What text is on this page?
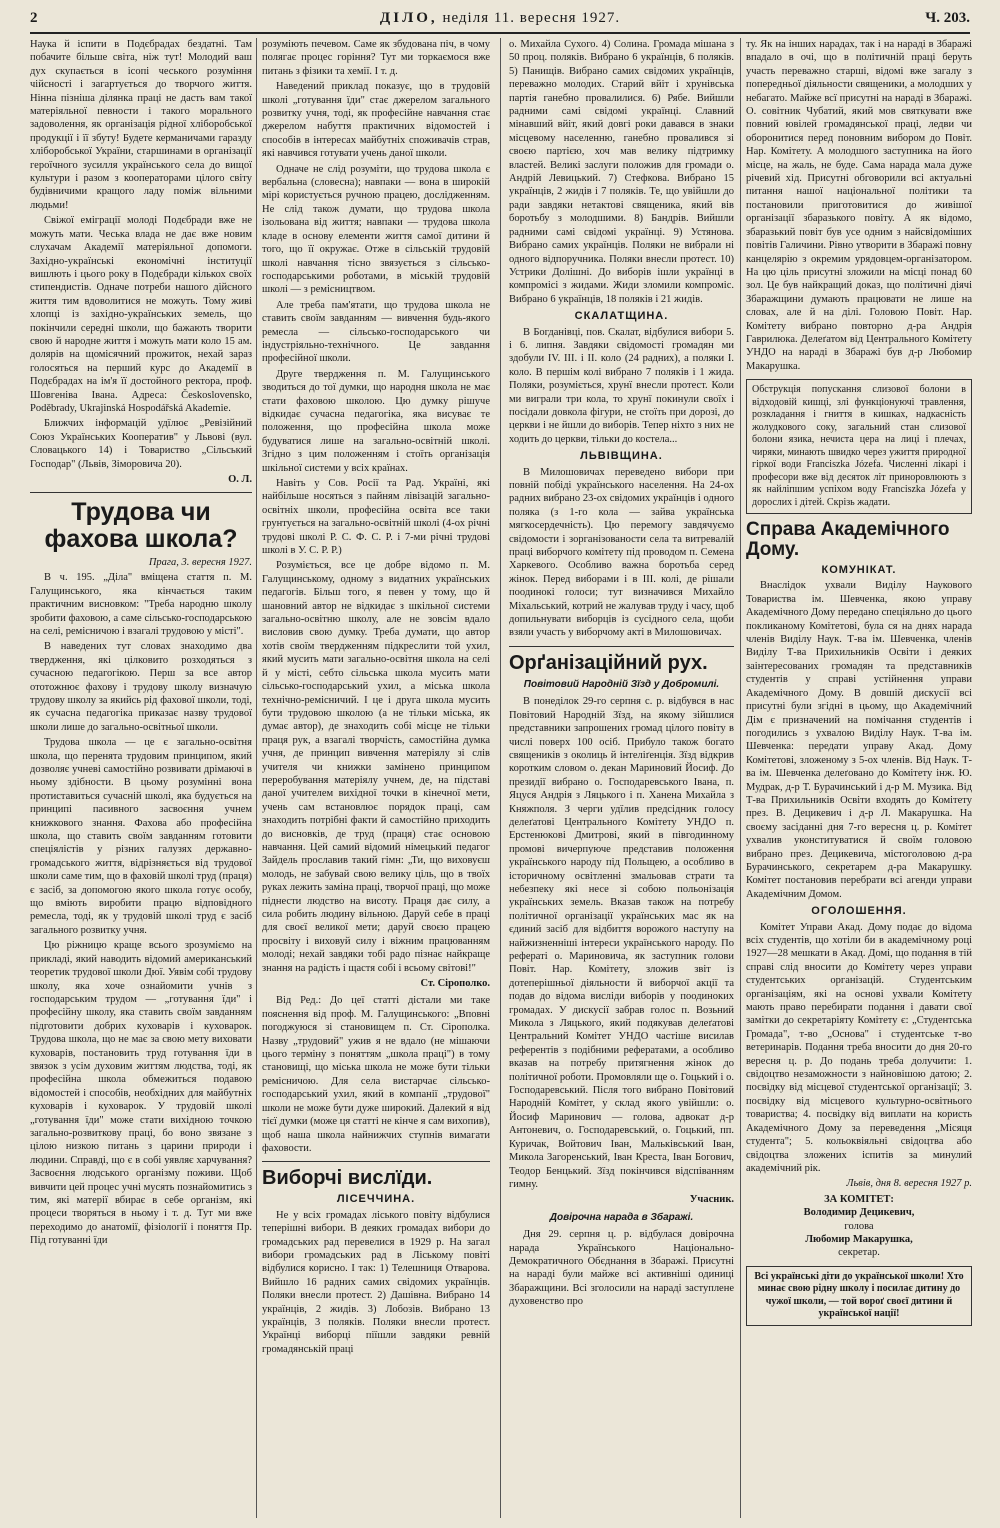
2	ДІЛО, неділя 11. вересня 1927.	Ч. 203.

Наука й іспити в Подєбрадах бездатні. Там побачите більше світа, ніж тут! Молодий ваш дух скупається в ісопі чеського розуміння чійсності і загартується до творчого життя. Нінна пізніша ділянка праці не дасть вам такої матеріяльної певности і такого морального задоволення, як організація рідної хліборобської продукції і її збуту! Будете керманичами гаразду хліборобської України, старшинами в організації героїчного зусилля українського села до вищої культури і разом з кооператорами цілого світу будівничими кращого ладу поміж вільними людьми!

Свіжої еміграції молоді Подєбради вже не можуть мати. Чеська влада не дає вже новим слухачам Академії матеріяльної допомоги. Західно-українські економічні інституції вишлють і цього року в Подєбради кількох своїх стипендистів. Одначе потреби нашого дійсного життя тим вдоволитися не можуть. Тому живі хлопці із західно-українських земель, що покінчили середні школи, що бажають творити свою й народне життя і можуть мати коло 15 ам. долярів на щомісячний прожиток, нехай зараз голосяться на перший курс до Академії в Подєбрадах на ім'я її достойного ректора, проф. Шовгеніва Івана. Адреса: Československo, Poděbrady, Ukrajinská Hospodářská Akademie.

Ближчих інформацій удїлює „Ревізійний Союз Українських Кооператив" у Львові (вул. Словацького 14) і Товариство „Сільський Господар" (Львів, Зіморовича 20).

О. Л.
Трудова чи фахова школа?
Прага, 3. вересня 1927.

В ч. 195. „Діла" вміщена стаття п. М. Галущинського, яка кінчається таким практичним висновком: "Треба народню школу зробити фаховою, а саме сільсько-господарською на селі, ремісничою і взагалі трудовою у місті".

В наведених тут словах знаходимо два твердження, які цілковито розходяться з сучасною педагогікою. Перш за все автор ототожнює фахову і трудову школу визначую трудову школу за якийсь рід фахової школи, тоді, як сучасна педагогіка приказає назву трудової школи лише до загально-освітньої школи.

Трудова школа — це є загально-освітня школа, що перенята трудовим принципом, який дозволяє учневі самостійно розвивати дрімаючі в ньому здібности. В цьому розумінні вона протиставиться сучасній школі, яка будується на принципі пасивного засвоєння учнем книжкового знання. Фахова або професійна школа, що ставить своїм завданням готовити спеціялістів у різних галузях державно-громадського життя, відрізняється від трудової школи саме тим, що в фаховій школі труд (праця) є засіб, за допомогою якого школа готує особу, що вміють виробити працю відповідного ремесла, тоді, як у трудовій школі труд є засіб загального розвитку учня.

Цю ріжницю краще всього зрозуміємо на прикладі, який наводить відомий американський теоретик трудової школи Дюї. Уявім собі трудову школу, яка хоче ознайомити учнів з господарським трудом — „готування їди" і професійну школу, яка ставить своїм завданням підготовити добрих куховарів і куховарок. Трудова школа, що не має за свою мету виховати куховарів, постановить труд готування їди в звязок з усім духовим життям людства, тоді, як професійна школа обмежиться подавою відомостей і способів, необхідних для майбутніх куховарів і куховарок. У трудовій школі „готування їди" може стати вихідною точкою загально-розвиткову праці, бо воно звязане з цілою низкою питань з царини природи і людини. Справді, що є в собі уявляє харчування? Засвоєння людського організму поживи. Щоб вивчити цей процес учні мусять познайомитись з тим, які матерії вбирає в себе організм, які процеси творяться в ньому і т. д. Тут ми вже переходимо до анатомії, фізіології і поняття Пр. Під готуванні їди

розуміють печевом. Саме як збудована піч, в чому полягає процес горіння? Тут ми торкаємося вже питань з фізики та хемії. І т. д.

Наведений приклад показує, що в трудовій школі „готування їди" стає джерелом загального розвитку учня, тоді, як професійне навчання стає джерелом набуття практичних відомостей і способів в інтересах майбутніх споживачів страв, які навчився готувати учень даної школи.

Одначе не слід розуміти, що трудова школа є вербальна (словесна); навпаки — вона в широкій мірі користується ручною працею, дослідженням. Не слід також думати, що трудова школа ізольована від життя; навпаки — трудова школа кладе в основу елементи життя самої дитини й того, що її окружає. Отже в сільській трудовій школі навчання тісно звязується з сільсько-господарськими роботами, в міській трудовій школі — з ремісництвом.

Але треба пам'ятати, що трудова школа не ставить своїм завданням — вивчення будь-якого ремесла — сільсько-господарського чи індустріяльно-технічного. Це завдання професійної школи.

Друге твердження п. М. Галущинського зводиться до тої думки, що народня школа не має стати фаховою школою. Цю думку рішуче відкидає сучасна педагогіка, яка висуває те положення, що професійна школа може будуватися лише на загально-освітній школі. Згідно з цим положенням і стоїть організація шкільної системи у всіх країнах.

Навіть у Сов. Росії та Рад. Україні, які найбільше носяться з пайням лівізацій загально-освітніх школи, професійна освіта все таки грунтується на загально-освітній школі (4-ох річні трудові школі Р. С. Ф. С. Р. і 7-ми річні трудові школі в У. С. Р. Р.)

Розуміється, все це добре відомо п. М. Галущинському, одному з видатних українських педагогів. Більш того, я певен у тому, що й шановний автор не відкидає з шкільної системи загально-освітню школу, але не зовсім вдало висловив свою думку. Треба думати, що автор хотів своїм твердженням підкреслити той ухил, який мусить мати загально-освітня школа на селі й у місті, себто сільська школа мусить мати сільсько-господарський ухил, а міська школа технічно-ремісничий. І це і друга школа мусить бути трудовою школою (а не тільки міська, як думає автор), де знаходить собі місце не тільки праця рук, а взагалі творчість, самостійна думка учня, де принцип вивчення матеріялу зі слів учителя чи книжки замінено принципом переробування матеріялу учнем, де, на підставі даної учителем вихідної точки в кінечної мети, учень сам встановлює порядок праці, сам знаходить потрібні факти й самостійно приходить до висновків, де труд (праця) стає основою навчання. Цей самий відомий німецький педагог Зайдель прославив такий гімн: „Ти, що виховуєш молодь, не забувай свою велику ціль, що в твоїх руках лежить заміна праці, творчої праці, що може піднести людство на висоту. Праця дає силу, а сила робить людину вільною. Даруй себе в праці для своєї великої мети; даруй своєю працею просвіту і виховуй силу і віжним працюванням молоді; нехай завдяки тобі радо пізнає найкраще знання на радість і щастя собі і всьому світові!"

Ст. Сірополко.

Від Ред.: До цеї статті дістали ми таке пояснення від проф. М. Галущинського: „Вповні погоджуюся зі становищем п. Ст. Сірополка. Назву „трудовий" ужив я не вдало (не мішаючи цього терміну з поняттям „школа праці") в тому становищі, що міська школа не може бути тільки ремісничою. Для села вистарчає сільсько-господарський ухил, який в компанії „трудової" школи не може бути дуже широкий. Далекий я від тієї думки (може ця статті не кінче я сам вихопив), щоб наша школа найнижчих ступнів вимагати фаховости.

Виборчі вислїди.
ЛІСЕЧЧИНА.

Не у всіх громадах ліського повіту відбулися теперішні вибори. В деяких громадах вибори до громадських рад перевелися в 1929 р. На загал вибори громадських рад в Ліському повіті відбулися корисно. І так: 1) Телешниця Отварова. Вийшло 16 радних самих свідомих українців. Поляки внесли протест. 2) Дашівна. Вибрано 14 українців, 2 жидів. 3) Лобозів. Вибрано 13 українців, 3 поляків. Поляки внесли протест. Українці виборці піїшли завдяки ревній громадянській праці

о. Михайла Сухого. 4) Солина. Громада мішана з 50 проц. поляків. Вибрано 6 українців, 6 поляків. 5) Панищів. Вибрано самих свідомих українців, переважно молодих. Старий вйіт і хрунівська партія ганебно провалилися. 6) Рябе. Вийшли радними самі свідомі українці. Славний мінавший вйіт, який довгі роки давався в знаки місцевому населенню, ганебно провалився зі своєю партією, хоч мав велику підтримку властей. Великі заслуги положив для громади о. Андрій Левицький. 7) Стефкова. Вибрано 15 українців, 2 жидів і 7 поляків. Те, що увійшли до ради завдяки нетактові священика, який вів боротьбу з молодшими. 8) Бандрів. Вийшли радними самі свідомі українці. 9) Устянова. Вибрано самих українців. Поляки не вибрали ні одного відпоручника. Поляки внесли протест. 10) Устрики Долішні. До виборів ішли українці в компромісі з жидами. Жиди зломили компроміс. Вибрано 6 українців, 18 поляків і 21 жидів.

СКАЛАТЩИНА.

В Богданівці, пов. Скалат, відбулися вибори 5. і 6. липня. Завдяки свідомості громадян ми здобули IV. III. і II. коло (24 радних), а поляки I. коло. В першім колі вибрано 7 поляків і 1 жида. Поляки, розуміється, хрунї внесли протест. Коли ми виграли три кола, то хрунї покинули своїх і посідали довкола фігури, не стоїть при дорозі, до церкви і не йшли до виборів. Тепер ніхто з них не ходить до церкви, тільки до костела...

ЛЬВІВЩИНА.

В Милошовичах переведено вибори при повній побіді українського населення. На 24-ох радних вибрано 23-ох свідомих українців і одного поляка (з 1-го кола — зайва українська мягкосердечність). Цю перемогу завдячуємо свідомости і зорганізованости села та витревалій праці виборчого комітету під проводом п. Семена Харкевого. Особливо важна боротьба серед жінок. Перед виборами і в III. колі, де рішали поодинокі голоси; тут визначився Михайло Міхальський, котрий не жалував труду і часу, щоб допильнувати виборців із сусідного села, щоби взяли участь у виборчому акті в Милошовичах.

Орґанізаційний рух.
Повітовий Народній Зїзд у Добромилі.

В понеділок 29-го серпня с. р. відбувся в нас Повітовий Народній Зїзд, на якому зійшлися представники запрошених громад цілого повіту в числі поверх 100 осіб. Прибуло також богато священиків з околиць й інтеліґенція. Зїзд відкрив коротким словом о. декан Мариновий Йосиф. До президії вибрано о. Господаревського Івана, п. Яцуся Андрія з Ляцького і п. Ханена Михайла з Княжполя. З черги удїлив предсідник голосу делеґатові Центрального Комітету УНДО п. Ерстенюкові Дмитрові, який в півгодинному промові вичерпуюче представив положення українського народу під Польщею, а особливо в історичному освітленні змальовав страти та небезпеку які несе зі собою польонізація українських земель. Вказав також на потребу політичної організації українських мас як на єдиний засіб для відбиття ворожого наступу на найжизненніші інтереси українського народу. По рефераті о. Мариновича, як заступник голови Повіт. Нар. Комітету, зложив звіт із дотеперішньої діяльности й виборчої акції та подав до відома висліди виборів у поодиноких громадах. У дискусії забрав голос п. Возьний Микола з Ляцького, який подякував делеґатові Центральний Комітет УНДО частіше висилав референтів з подібними рефератами, а особливо вказав на потребу притягнення жінок до політичної роботи. Промовляли ще о. Гоцький і о. Господаревський. Після того вибрано Повітовий Народній Комітет, у склад якого увійшли: о. Йосиф Маринович — голова, адвокат д-р Антоневич, о. Господаревський, о. Гоцький, пп. Куричак, Войтович Іван, Мальківський Іван, Микола Загоренський, Іван Креста, Іван Богович, Теодор Бенцький. Зїзд покінчився відспіванням гимну.

Учасник.
Довірочна нарада в Збаражі.

Дня 29. серпня ц. р. відбулася довірочна нарада Українського Національно-Демократичного Обєднання в Збаражі. Присутні на нараді були майже всі активніші одиниці Збаражщини. Всі зголосили на нараді заступлене духовенство про

ту. Як на інших нарадах, так і на нараді в Збаражі впадало в очі, що в політичній праці беруть участь переважно старші, відомі вже загалу з попередньої діяльности священики, а молодших у небагато. Майже всї присутні на нараді в Збаражі. О. совітник Чубатий, який мов святкувати вже повний ювілей громадянської праці, ледви чи оборонитися перед поновним вибором до Повіт. Нар. Комітету. А молодшого заступника на його місце, на жаль, не буде. Сама нарада мала дуже річевий хід. Присутні обговорили всі актуальні питання нашої національної політики та постановили приготовитися до живішої організації збаразького повіту. А як відомо, збаразький повіт був усе одним з найсвідоміших повітів Галичини. Рівно утворити в Збаражі повну канцелярію з окремим урядовцем-організатором. На цю ціль присутні зложили на місці понад 60 зол. Це був найкращий доказ, що політичні діячі Збаражщини думають працювати не лише на словах, але й на ділі. Головою Повіт. Нар. Комітету вибрано повторно д-ра Андрія Гаврилюка. Делеґатом від Центрального Комітету УНДО на нараді в Збаражі був д-р Любомир Макарушка.

Обструкція попускання слизової болони в відходовій кишці, злі функціонуючі травлення, розкладання і гниття в кишках, надкасність жолудкового соку, загальний стан слизової болони язика, нечиста цера на лиці і плечах, чиряки, минають швидко через ужиття природної гіркої води Franciszka Józefa. Численні лікарі і професори вже від десяток літ приноровлюють з як найліпшим успіхом воду Franciszka Józefa у дорослих і дітей. Скрізь жадати.
Справа Академічного Дому.
КОМУНІКАТ.

Внаслідок ухвали Виділу Наукового Товариства ім. Шевченка, якою управу Академічного Дому передано спеціяльно до цього покликаному Комітетові, була ся на днях нарада членів Виділу Наук. Т-ва ім. Шевченка, членів Виділу Т-ва Прихильників Освіти і деяких заінтересованих громадян та представників студентів у справі устійнення управи Академічного Дому. В довшій дискусії всі присутні були згідні в цьому, що Академічний Дім є призначений на помічання студентів і погодились з ухвалою Виділу Наук. Т-ва ім. Шевченка: передати управу Акад. Дому Комітетові, зложеному з 5-ох членів. Від Наук. Т-ва ім. Шевченка делеґовано до Комітету інж. Ю. Мудрак, д-р Т. Бурачинський і д-р М. Музика. Від Т-ва Прихильників Освіти входять до Комітету през. В. Децикевич і д-р Л. Макарушка. На своєму засіданні дня 7-го вересня ц. р. Комітет ухвалив уконституватися й своїм головою вибрано през. Децикевича, містоголовою д-ра Бурачинського, секретарем д-ра Макарушку. Комітет постановив перебрати всі агенди управи Академічним Домом.

ОГОЛОШЕННЯ.

Комітет Управи Акад. Дому подає до відома всіх студентів, що хотіли би в академічному році 1927—28 мешкати в Акад. Домі, що подання в тій справі слід вносити до Комітету через управи студентських організацій. Студентським організаціям, які на основі ухвали Комітету мають право перебирати подання і давати свої замітки до секретаріяту Комітету є: „Студентська Громада", т-во „Основа" і студентське т-во ветеринарів. Подання треба вносити до дня 20-го вересня ц. р. До подань треба долучити: 1. свідоцтво незаможности з найновішою датою; 2. посвідку від місцевої студентської організації; 3. посвідку від місцевого культурно-освітнього товариства; 4. посвідку від виплати на користь Академічного Дому за переведення „Місяця студента"; 5. кольоквіяльні свідоцтва або свідоцтва зложених іспитів за минулий академічний рік.

Львів, дня 8. вересня 1927 р.
ЗА КОМІТЕТ:
Володимир Децикевич,
голова
Любомир Макарушка,
секретар.
Всі українські діти до української школи! Хто минає свою рідну школу і посилає дитину до чужої школи, — той вороґ своєї дитини й української нації!
